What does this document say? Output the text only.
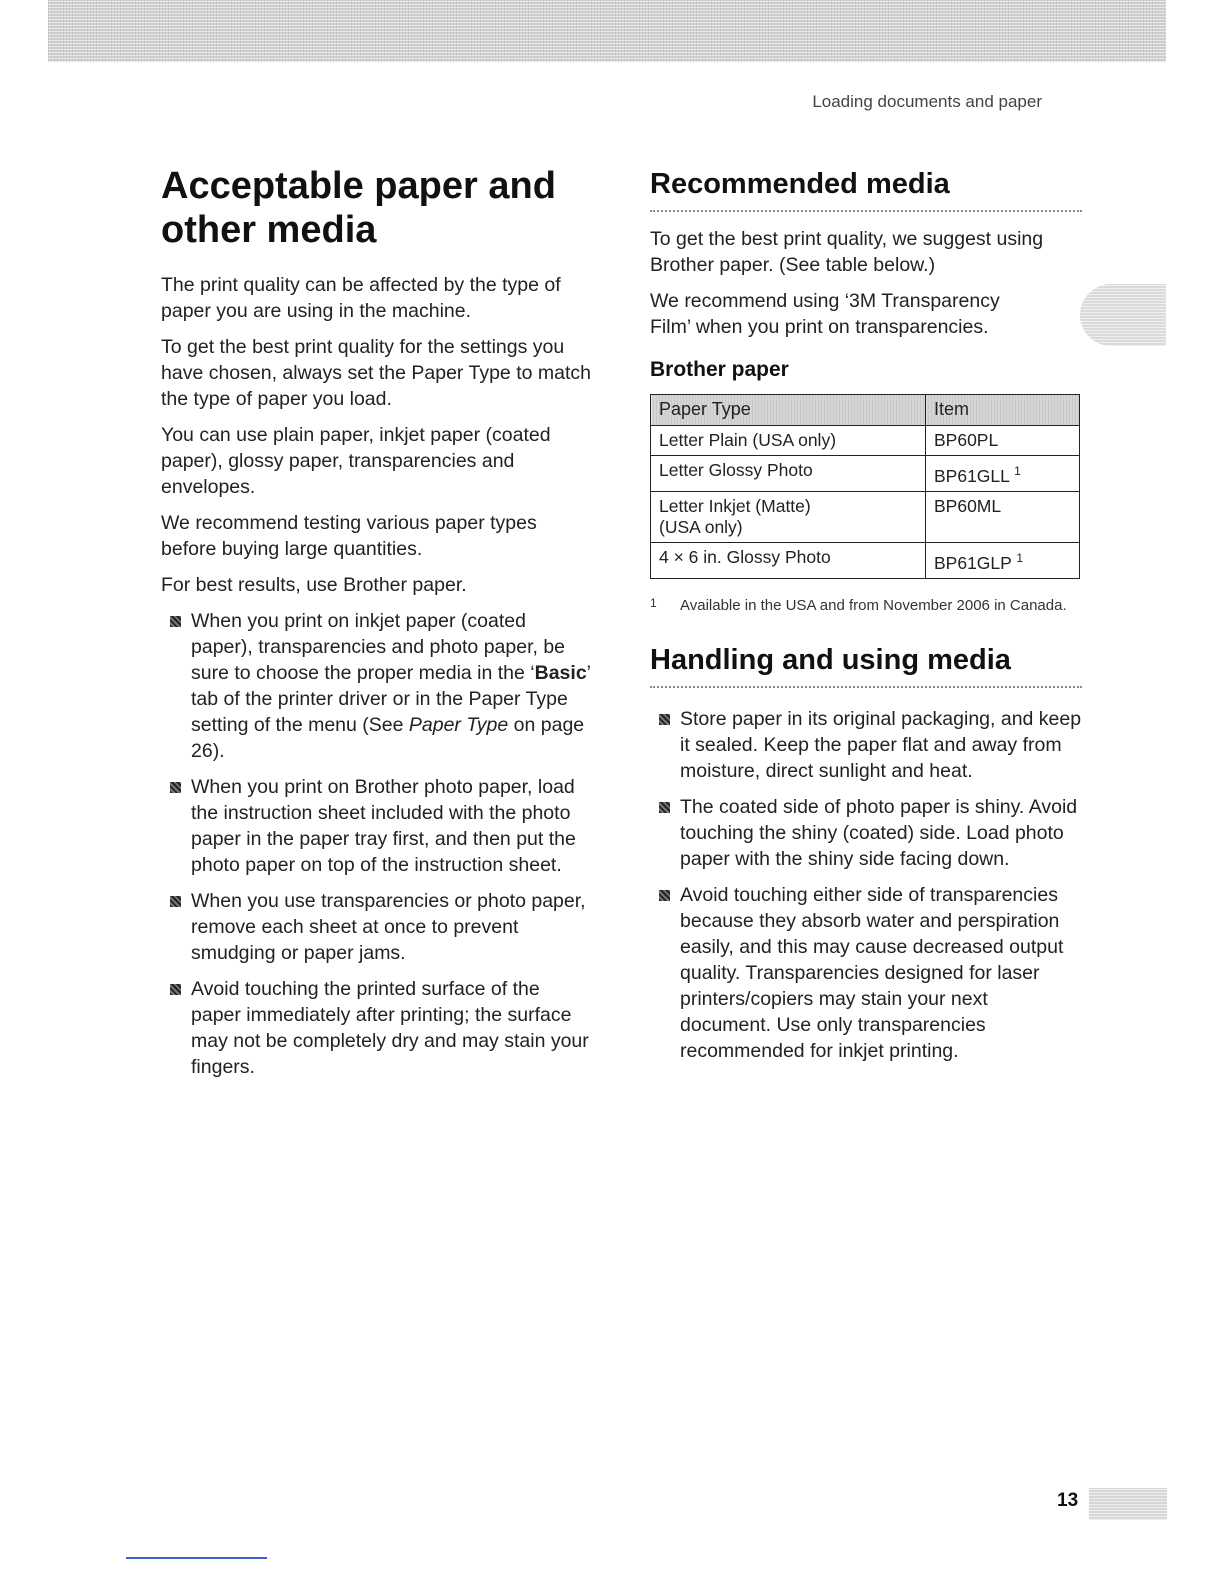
Loading documents and paper
Acceptable paper and other media

The print quality can be affected by the type of paper you are using in the machine.

To get the best print quality for the settings you have chosen, always set the Paper Type to match the type of paper you load.

You can use plain paper, inkjet paper (coated paper), glossy paper, transparencies and envelopes.

We recommend testing various paper types before buying large quantities.

For best results, use Brother paper.

When you print on inkjet paper (coated paper), transparencies and photo paper, be sure to choose the proper media in the ‘Basic’ tab of the printer driver or in the Paper Type setting of the menu (See Paper Type on page 26).
When you print on Brother photo paper, load the instruction sheet included with the photo paper in the paper tray first, and then put the photo paper on top of the instruction sheet.
When you use transparencies or photo paper, remove each sheet at once to prevent smudging or paper jams.
Avoid touching the printed surface of the paper immediately after printing; the surface may not be completely dry and may stain your fingers.
Recommended media

To get the best print quality, we suggest using Brother paper. (See table below.)

We recommend using ‘3M Transparency Film’ when you print on transparencies.

Brother paper
Paper Type	Item
Letter Plain (USA only)	BP60PL
Letter Glossy Photo	BP61GLL $^1$
Letter Inkjet (Matte)
(USA only)	BP60ML
4 × 6 in. Glossy Photo	BP61GLP $^1$
1	Available in the USA and from November 2006 in Canada.
Handling and using media
Store paper in its original packaging, and keep it sealed. Keep the paper flat and away from moisture, direct sunlight and heat.
The coated side of photo paper is shiny. Avoid touching the shiny (coated) side. Load photo paper with the shiny side facing down.
Avoid touching either side of transparencies because they absorb water and perspiration easily, and this may cause decreased output quality. Transparencies designed for laser printers/copiers may stain your next document. Use only transparencies recommended for inkjet printing.
13
